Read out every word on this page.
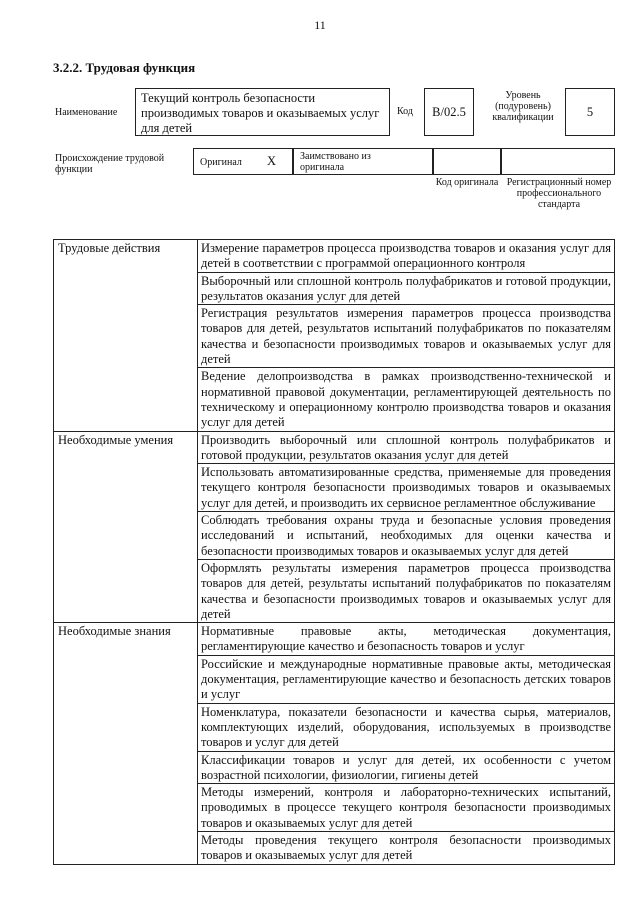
11
3.2.2. Трудовая функция
Наименование
Текущий контроль безопасности производимых товаров и оказываемых услуг для детей
Код B/02.5
Уровень (подуровень) квалификации	5
Происхождение трудовой функции
Оригинал X Заимствовано из оригинала
Код оригинала Регистрационный номер профессионального стандарта
Трудовые действия	Измерение параметров процесса производства товаров и оказания услуг для детей в соответствии с программой операционного контроля
	Выборочный или сплошной контроль полуфабрикатов и готовой продукции, результатов оказания услуг для детей
	Регистрация результатов измерения параметров процесса производства товаров для детей, результатов испытаний полуфабрикатов по показателям качества и безопасности производимых товаров и оказываемых услуг для детей
	Ведение делопроизводства в рамках производственно-технической и нормативной правовой документации, регламентирующей деятельность по техническому и операционному контролю производства товаров и оказания услуг для детей
Необходимые умения	Производить выборочный или сплошной контроль полуфабрикатов и готовой продукции, результатов оказания услуг для детей
	Использовать автоматизированные средства, применяемые для проведения текущего контроля безопасности производимых товаров и оказываемых услуг для детей, и производить их сервисное регламентное обслуживание
	Соблюдать требования охраны труда и безопасные условия проведения исследований и испытаний, необходимых для оценки качества и безопасности производимых товаров и оказываемых услуг для детей
	Оформлять результаты измерения параметров процесса производства товаров для детей, результаты испытаний полуфабрикатов по показателям качества и безопасности производимых товаров и оказываемых услуг для детей
Необходимые знания	Нормативные правовые акты, методическая документация, регламентирующие качество и безопасность товаров и услуг
	Российские и международные нормативные правовые акты, методическая документация, регламентирующие качество и безопасность детских товаров и услуг
	Номенклатура, показатели безопасности и качества сырья, материалов, комплектующих изделий, оборудования, используемых в производстве товаров и услуг для детей
	Классификации товаров и услуг для детей, их особенности с учетом возрастной психологии, физиологии, гигиены детей
	Методы измерений, контроля и лабораторно-технических испытаний, проводимых в процессе текущего контроля безопасности производимых товаров и оказываемых услуг для детей
	Методы проведения текущего контроля безопасности производимых товаров и оказываемых услуг для детей
